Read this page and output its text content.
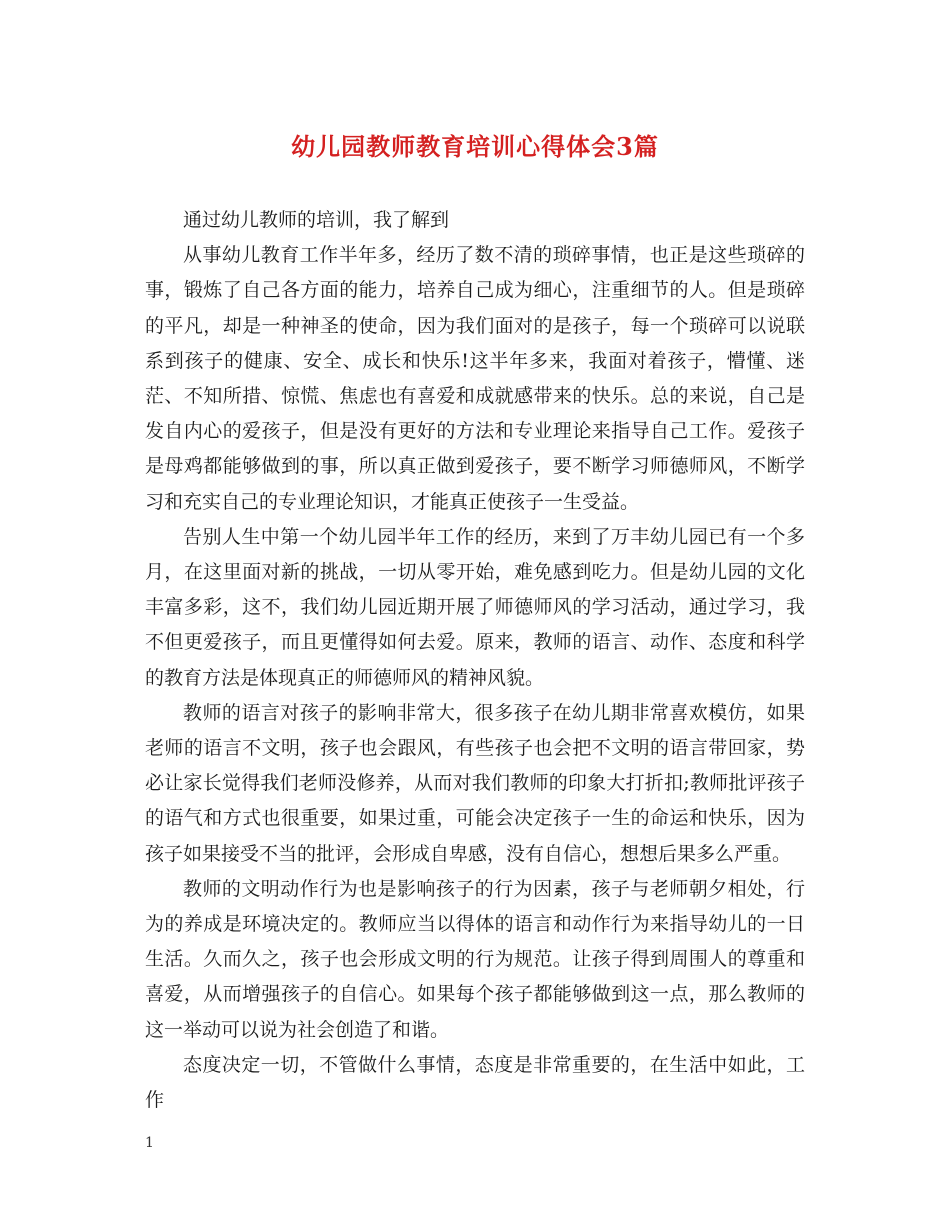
幼儿园教师教育培训心得体会3篇

通过幼儿教师的培训，我了解到

从事幼儿教育工作半年多，经历了数不清的琐碎事情，也正是这些琐碎的事，锻炼了自己各方面的能力，培养自己成为细心，注重细节的人。但是琐碎的平凡，却是一种神圣的使命，因为我们面对的是孩子，每一个琐碎可以说联系到孩子的健康、安全、成长和快乐!这半年多来，我面对着孩子，懵懂、迷茫、不知所措、惊慌、焦虑也有喜爱和成就感带来的快乐。总的来说，自己是发自内心的爱孩子，但是没有更好的方法和专业理论来指导自己工作。爱孩子是母鸡都能够做到的事，所以真正做到爱孩子，要不断学习师德师风，不断学习和充实自己的专业理论知识，才能真正使孩子一生受益。

告别人生中第一个幼儿园半年工作的经历，来到了万丰幼儿园已有一个多月，在这里面对新的挑战，一切从零开始，难免感到吃力。但是幼儿园的文化丰富多彩，这不，我们幼儿园近期开展了师德师风的学习活动，通过学习，我不但更爱孩子，而且更懂得如何去爱。原来，教师的语言、动作、态度和科学的教育方法是体现真正的师德师风的精神风貌。

教师的语言对孩子的影响非常大，很多孩子在幼儿期非常喜欢模仿，如果老师的语言不文明，孩子也会跟风，有些孩子也会把不文明的语言带回家，势必让家长觉得我们老师没修养，从而对我们教师的印象大打折扣;教师批评孩子的语气和方式也很重要，如果过重，可能会决定孩子一生的命运和快乐，因为孩子如果接受不当的批评，会形成自卑感，没有自信心，想想后果多么严重。

教师的文明动作行为也是影响孩子的行为因素，孩子与老师朝夕相处，行为的养成是环境决定的。教师应当以得体的语言和动作行为来指导幼儿的一日生活。久而久之，孩子也会形成文明的行为规范。让孩子得到周围人的尊重和喜爱，从而增强孩子的自信心。如果每个孩子都能够做到这一点，那么教师的这一举动可以说为社会创造了和谐。

态度决定一切，不管做什么事情，态度是非常重要的，在生活中如此，工作

1
